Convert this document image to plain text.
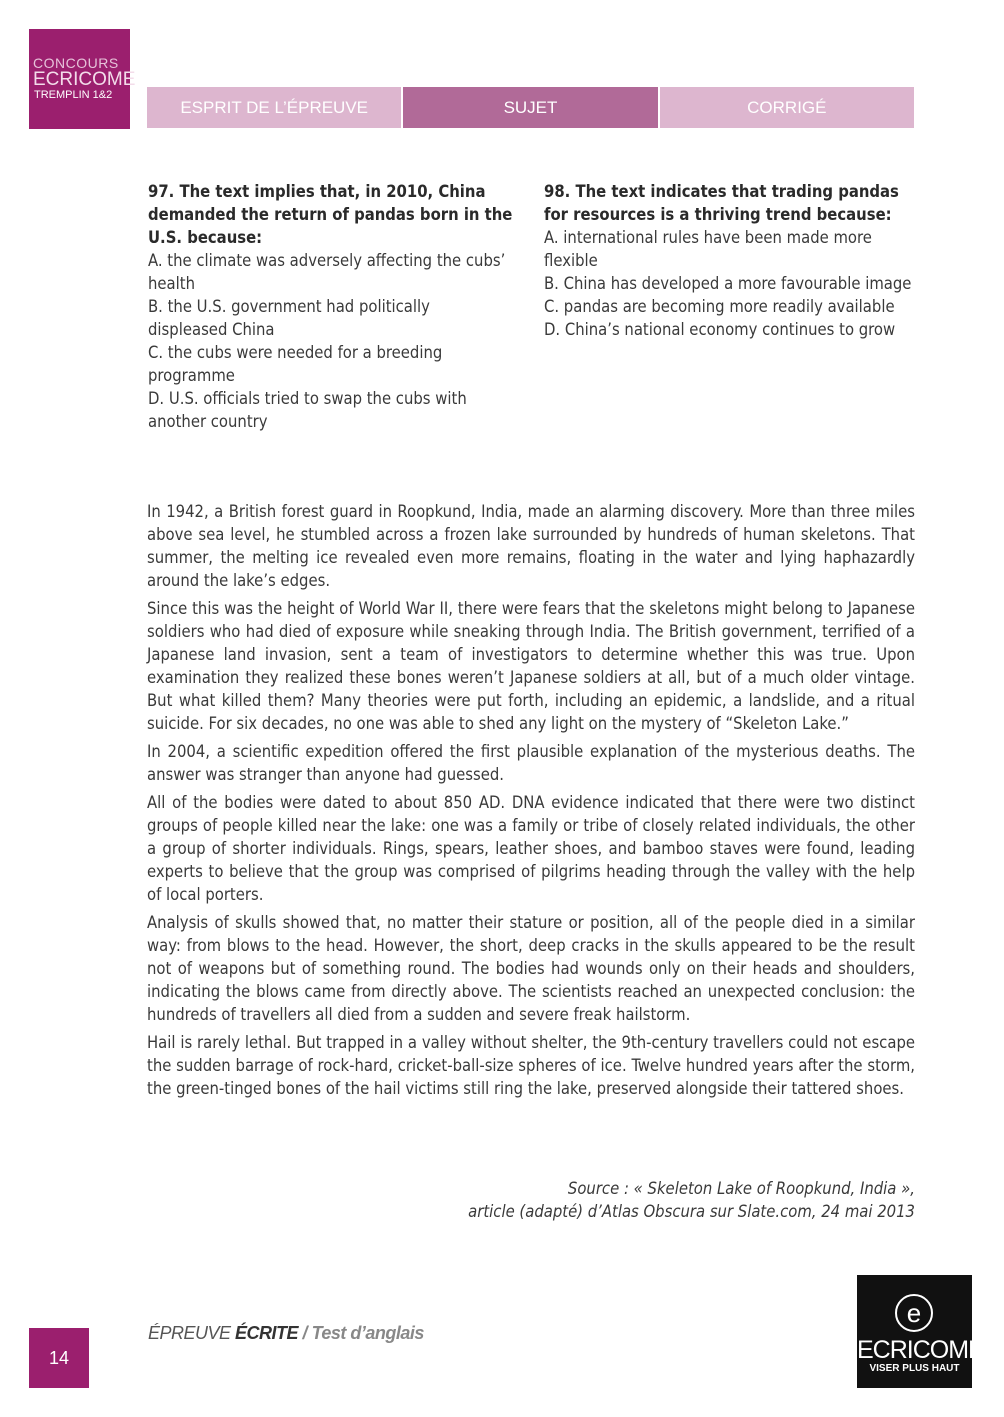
CONCOURS
ECRICOME
TREMPLIN 1&2
ESPRIT DE L’ÉPREUVE	SUJET	CORRIGÉ
97. The text implies that, in 2010, China demanded the return of pandas born in the U.S. because:
A. the climate was adversely affecting the cubs’ health
B. the U.S. government had politically displeased China
C. the cubs were needed for a breeding programme
D. U.S. officials tried to swap the cubs with another country
98. The text indicates that trading pandas for resources is a thriving trend because:
A. international rules have been made more flexible
B. China has developed a more favourable image
C. pandas are becoming more readily available
D. China’s national economy continues to grow

In 1942, a British forest guard in Roopkund, India, made an alarming discovery. More than three miles above sea level, he stumbled across a frozen lake surrounded by hundreds of human skeletons. That summer, the melting ice revealed even more remains, floating in the water and lying haphazardly around the lake’s edges.

Since this was the height of World War II, there were fears that the skeletons might belong to Japanese soldiers who had died of exposure while sneaking through India. The British government, terrified of a Japanese land invasion, sent a team of investigators to determine whether this was true. Upon examination they realized these bones weren’t Japanese soldiers at all, but of a much older vintage. But what killed them? Many theories were put forth, including an epidemic, a landslide, and a ritual suicide. For six decades, no one was able to shed any light on the mystery of “Skeleton Lake.”

In 2004, a scientific expedition offered the first plausible explanation of the mysterious deaths. The answer was stranger than anyone had guessed.

All of the bodies were dated to about 850 AD. DNA evidence indicated that there were two distinct groups of people killed near the lake: one was a family or tribe of closely related individuals, the other a group of shorter individuals. Rings, spears, leather shoes, and bamboo staves were found, leading experts to believe that the group was comprised of pilgrims heading through the valley with the help of local porters.

Analysis of skulls showed that, no matter their stature or position, all of the people died in a similar way: from blows to the head. However, the short, deep cracks in the skulls appeared to be the result not of weapons but of something round. The bodies had wounds only on their heads and shoulders, indicating the blows came from directly above. The scientists reached an unexpected conclusion: the hundreds of travellers all died from a sudden and severe freak hailstorm.

Hail is rarely lethal. But trapped in a valley without shelter, the 9th-century travellers could not escape the sudden barrage of rock-hard, cricket-ball-size spheres of ice. Twelve hundred years after the storm, the green-tinged bones of the hail victims still ring the lake, preserved alongside their tattered shoes.

Source : « Skeleton Lake of Roopkund, India »,
article (adapté) d’Atlas Obscura sur Slate.com, 24 mai 2013
ÉPREUVE ÉCRITE / Test d’anglais
14
e
ECRICOME
VISER PLUS HAUT
